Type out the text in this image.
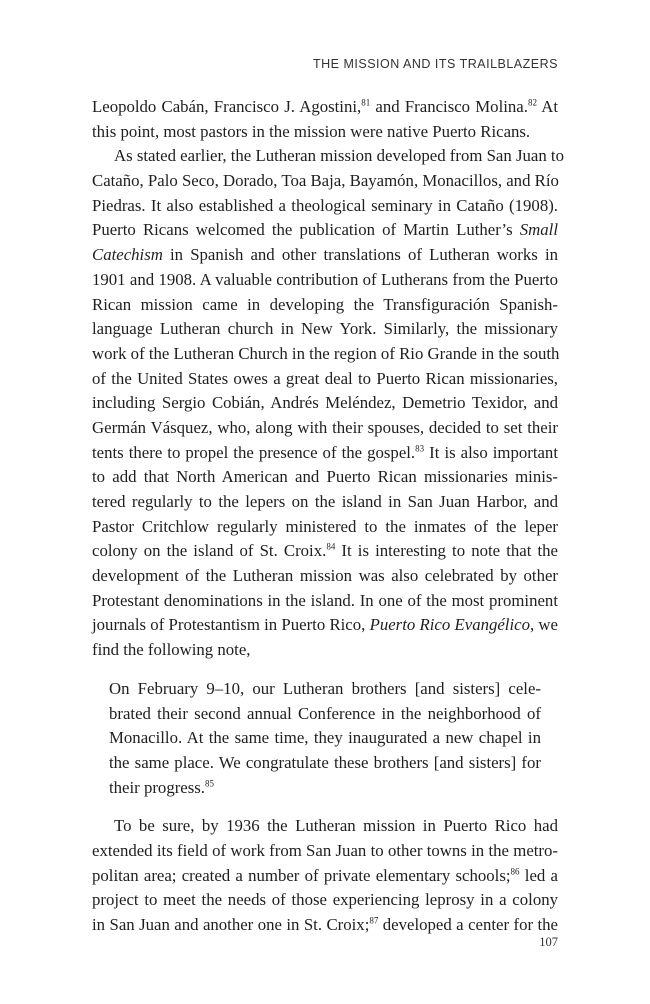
THE MISSION AND ITS TRAILBLAZERS
Leopoldo Cabán, Francisco J. Agostini,$^{81}$ and Francisco Molina.$^{82}$ At
this point, most pastors in the mission were native Puerto Ricans.
As stated earlier, the Lutheran mission developed from San Juan to
Cataño, Palo Seco, Dorado, Toa Baja, Bayamón, Monacillos, and Río
Piedras. It also established a theological seminary in Cataño (1908).
Puerto Ricans welcomed the publication of Martin Luther’s Small
Catechism in Spanish and other translations of Lutheran works in
1901 and 1908. A valuable contribution of Lutherans from the Puerto
Rican mission came in developing the Transfiguración Spanish-
language Lutheran church in New York. Similarly, the missionary
work of the Lutheran Church in the region of Rio Grande in the south
of the United States owes a great deal to Puerto Rican missionaries,
including Sergio Cobián, Andrés Meléndez, Demetrio Texidor, and
Germán Vásquez, who, along with their spouses, decided to set their
tents there to propel the presence of the gospel.$^{83}$ It is also important
to add that North American and Puerto Rican missionaries minis-
tered regularly to the lepers on the island in San Juan Harbor, and
Pastor Critchlow regularly ministered to the inmates of the leper
colony on the island of St. Croix.$^{84}$ It is interesting to note that the
development of the Lutheran mission was also celebrated by other
Protestant denominations in the island. In one of the most prominent
journals of Protestantism in Puerto Rico, Puerto Rico Evangélico, we
find the following note,
On February 9–10, our Lutheran brothers [and sisters] cele-
brated their second annual Conference in the neighborhood of
Monacillo. At the same time, they inaugurated a new chapel in
the same place. We congratulate these brothers [and sisters] for
their progress.$^{85}$
To be sure, by 1936 the Lutheran mission in Puerto Rico had
extended its field of work from San Juan to other towns in the metro-
politan area; created a number of private elementary schools;$^{86}$ led a
project to meet the needs of those experiencing leprosy in a colony
in San Juan and another one in St. Croix;$^{87}$ developed a center for the
107
